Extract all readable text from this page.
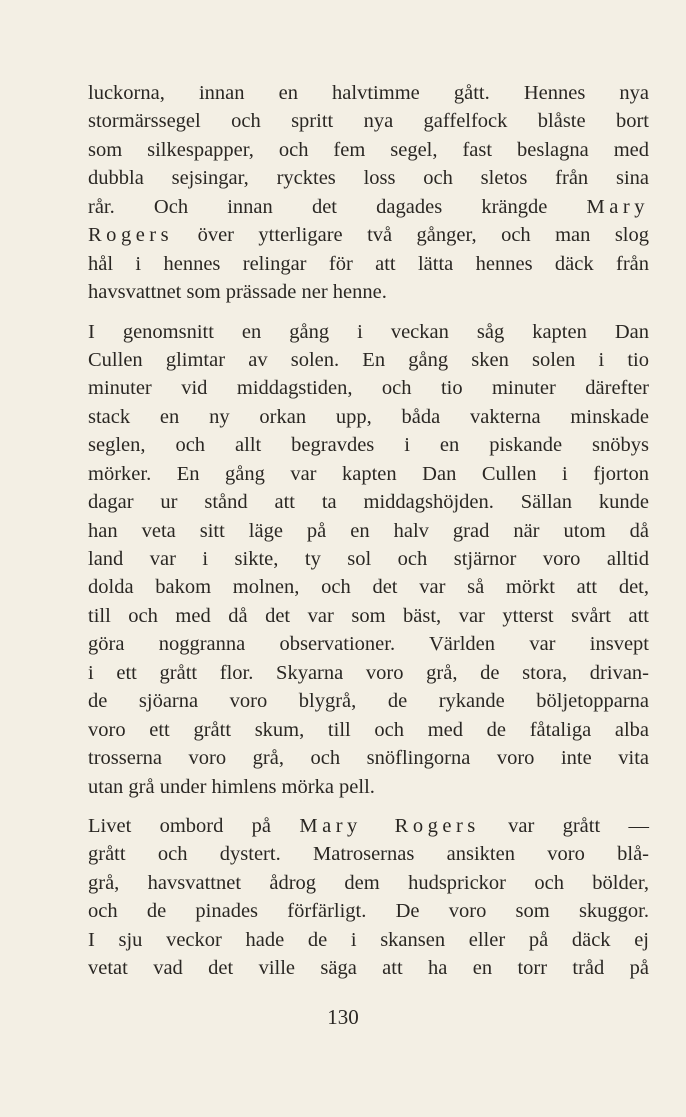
luckorna, innan en halvtimme gått. Hennes nya
stormärssegel och spritt nya gaffelfock blåste bort
som silkespapper, och fem segel, fast beslagna med
dubbla sejsingar, rycktes loss och sletos från sina
rår. Och innan det dagades krängde Mary
Rogers över ytterligare två gånger, och man slog
hål i hennes relingar för att lätta hennes däck från
havsvattnet som prässade ner henne.
I genomsnitt en gång i veckan såg kapten Dan
Cullen glimtar av solen. En gång sken solen i tio
minuter vid middagstiden, och tio minuter därefter
stack en ny orkan upp, båda vakterna minskade
seglen, och allt begravdes i en piskande snöbys
mörker. En gång var kapten Dan Cullen i fjorton
dagar ur stånd att ta middagshöjden. Sällan kunde
han veta sitt läge på en halv grad när utom då
land var i sikte, ty sol och stjärnor voro alltid
dolda bakom molnen, och det var så mörkt att det,
till och med då det var som bäst, var ytterst svårt att
göra noggranna observationer. Världen var insvept
i ett grått flor. Skyarna voro grå, de stora, drivan-
de sjöarna voro blygrå, de rykande böljetopparna
voro ett grått skum, till och med de fåtaliga alba
trosserna voro grå, och snöflingorna voro inte vita
utan grå under himlens mörka pell.
Livet ombord på Mary Rogers var grått —
grått och dystert. Matrosernas ansikten voro blå-
grå, havsvattnet ådrog dem hudsprickor och bölder,
och de pinades förfärligt. De voro som skuggor.
I sju veckor hade de i skansen eller på däck ej
vetat vad det ville säga att ha en torr tråd på
130
